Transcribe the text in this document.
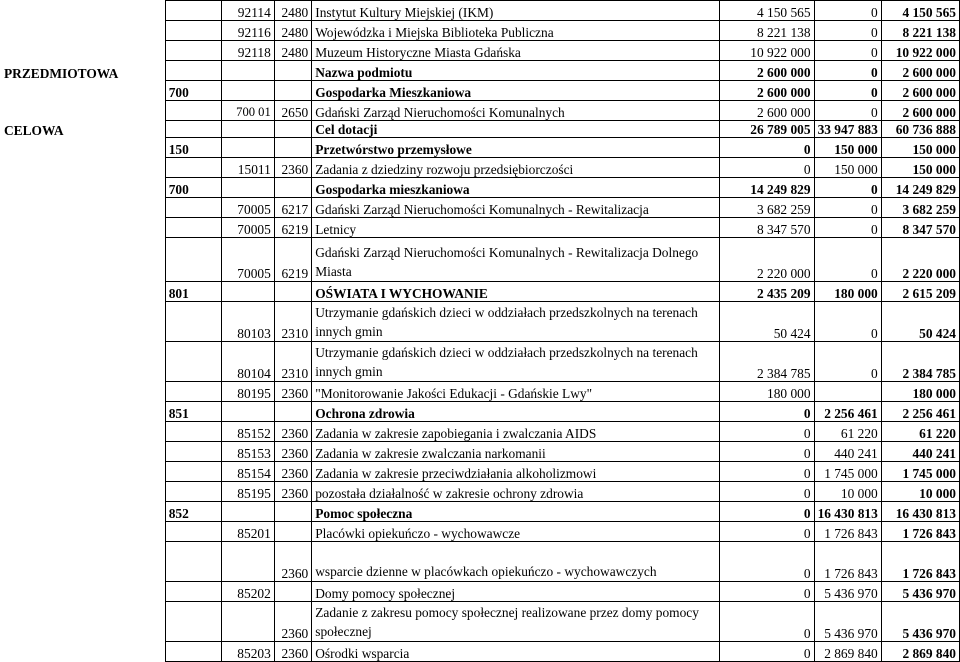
		92114	2480	Instytut Kultury Miejskiej (IKM)	4 150 565	0	4 150 565
		92116	2480	Wojewódzka i Miejska Biblioteka Publiczna	8 221 138	0	8 221 138
		92118	2480	Muzeum Historyczne Miasta Gdańska	10 922 000	0	10 922 000
PRZEDMIOTOWA				Nazwa podmiotu	2 600 000	0	2 600 000
	700			Gospodarka Mieszkaniowa	2 600 000	0	2 600 000
		700 01	2650	Gdański Zarząd Nieruchomości Komunalnych	2 600 000	0	2 600 000
CELOWA				Cel dotacji	26 789 005	33 947 883	60 736 888
	150			Przetwórstwo przemysłowe	0	150 000	150 000
		15011	2360	Zadania z dziedziny rozwoju przedsiębiorczości	0	150 000	150 000
	700			Gospodarka mieszkaniowa	14 249 829	0	14 249 829
		70005	6217	Gdański Zarząd Nieruchomości Komunalnych - Rewitalizacja	3 682 259	0	3 682 259
		70005	6219	Letnicy	8 347 570	0	8 347 570
		70005	6219	Gdański Zarząd Nieruchomości Komunalnych - Rewitalizacja Dolnego Miasta	2 220 000	0	2 220 000
	801			OŚWIATA I WYCHOWANIE	2 435 209	180 000	2 615 209
		80103	2310	Utrzymanie gdańskich dzieci w oddziałach przedszkolnych na terenach innych gmin	50 424	0	50 424
		80104	2310	Utrzymanie gdańskich dzieci w oddziałach przedszkolnych na terenach innych gmin	2 384 785	0	2 384 785
		80195	2360	"Monitorowanie Jakości Edukacji - Gdańskie Lwy"	180 000		180 000
	851			Ochrona zdrowia	0	2 256 461	2 256 461
		85152	2360	Zadania w zakresie zapobiegania i zwalczania AIDS	0	61 220	61 220
		85153	2360	Zadania w zakresie zwalczania narkomanii	0	440 241	440 241
		85154	2360	Zadania w zakresie przeciwdziałania alkoholizmowi	0	1 745 000	1 745 000
		85195	2360	pozostała działalność w zakresie ochrony zdrowia	0	10 000	10 000
	852			Pomoc społeczna	0	16 430 813	16 430 813
		85201		Placówki opiekuńczo - wychowawcze	0	1 726 843	1 726 843
			2360	wsparcie dzienne w placówkach opiekuńczo - wychowawczych	0	1 726 843	1 726 843
		85202		Domy pomocy społecznej	0	5 436 970	5 436 970
			2360	Zadanie z zakresu pomocy społecznej realizowane przez domy pomocy społecznej	0	5 436 970	5 436 970
		85203	2360	Ośrodki wsparcia	0	2 869 840	2 869 840
